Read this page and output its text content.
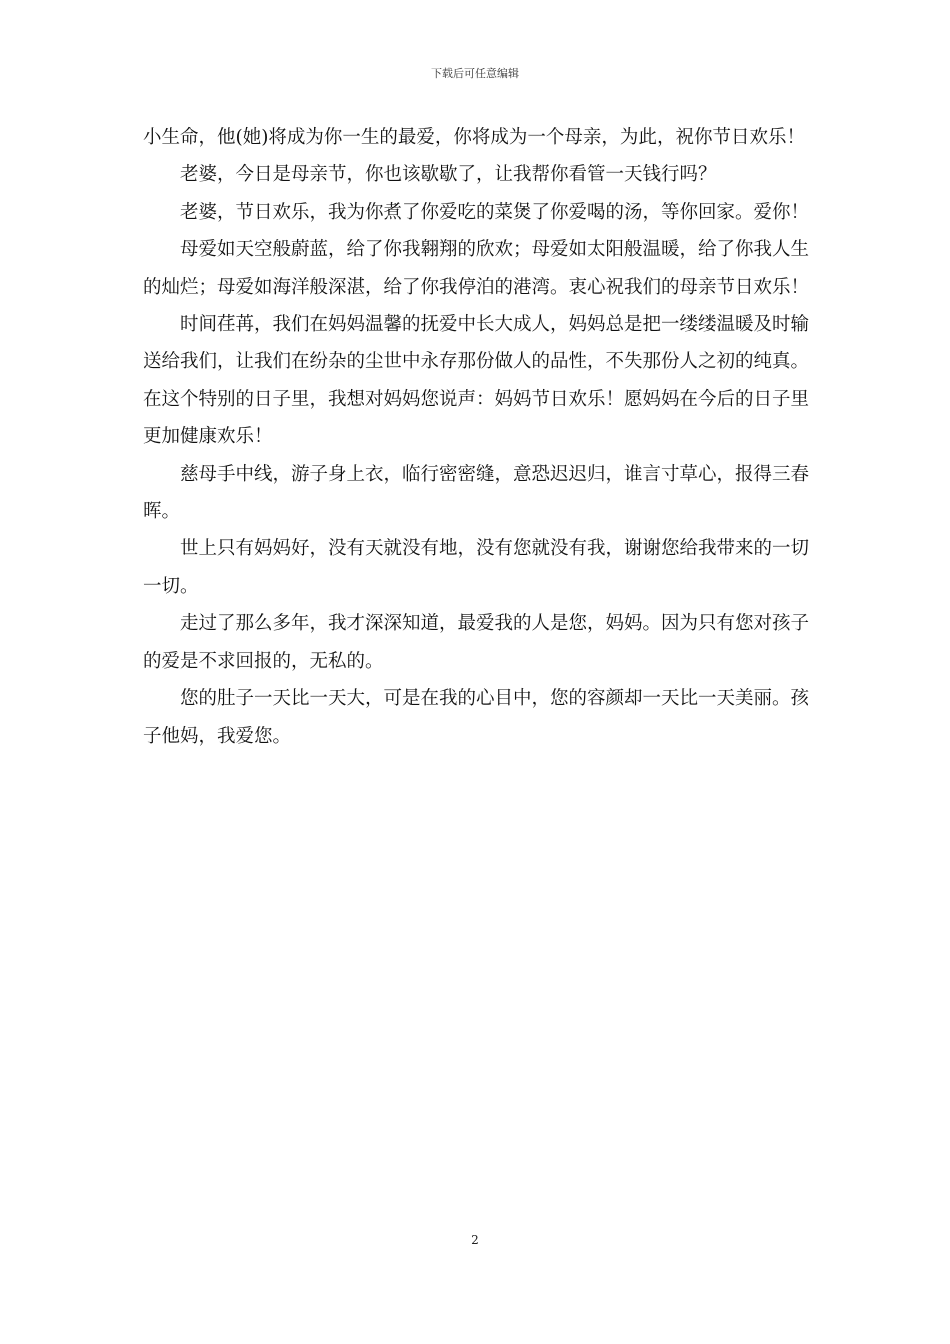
下载后可任意编辑

小生命，他(她)将成为你一生的最爱，你将成为一个母亲，为此，祝你节日欢乐！

老婆，今日是母亲节，你也该歇歇了，让我帮你看管一天钱行吗？

老婆，节日欢乐，我为你煮了你爱吃的菜煲了你爱喝的汤，等你回家。爱你！

母爱如天空般蔚蓝，给了你我翱翔的欣欢；母爱如太阳般温暖，给了你我人生的灿烂；母爱如海洋般深湛，给了你我停泊的港湾。衷心祝我们的母亲节日欢乐！

时间荏苒，我们在妈妈温馨的抚爱中长大成人，妈妈总是把一缕缕温暖及时输送给我们，让我们在纷杂的尘世中永存那份做人的品性，不失那份人之初的纯真。在这个特别的日子里，我想对妈妈您说声：妈妈节日欢乐！愿妈妈在今后的日子里更加健康欢乐！

慈母手中线，游子身上衣，临行密密缝，意恐迟迟归，谁言寸草心，报得三春晖。

世上只有妈妈好，没有天就没有地，没有您就没有我，谢谢您给我带来的一切一切。

走过了那么多年，我才深深知道，最爱我的人是您，妈妈。因为只有您对孩子的爱是不求回报的，无私的。

您的肚子一天比一天大，可是在我的心目中，您的容颜却一天比一天美丽。孩子他妈，我爱您。

2
